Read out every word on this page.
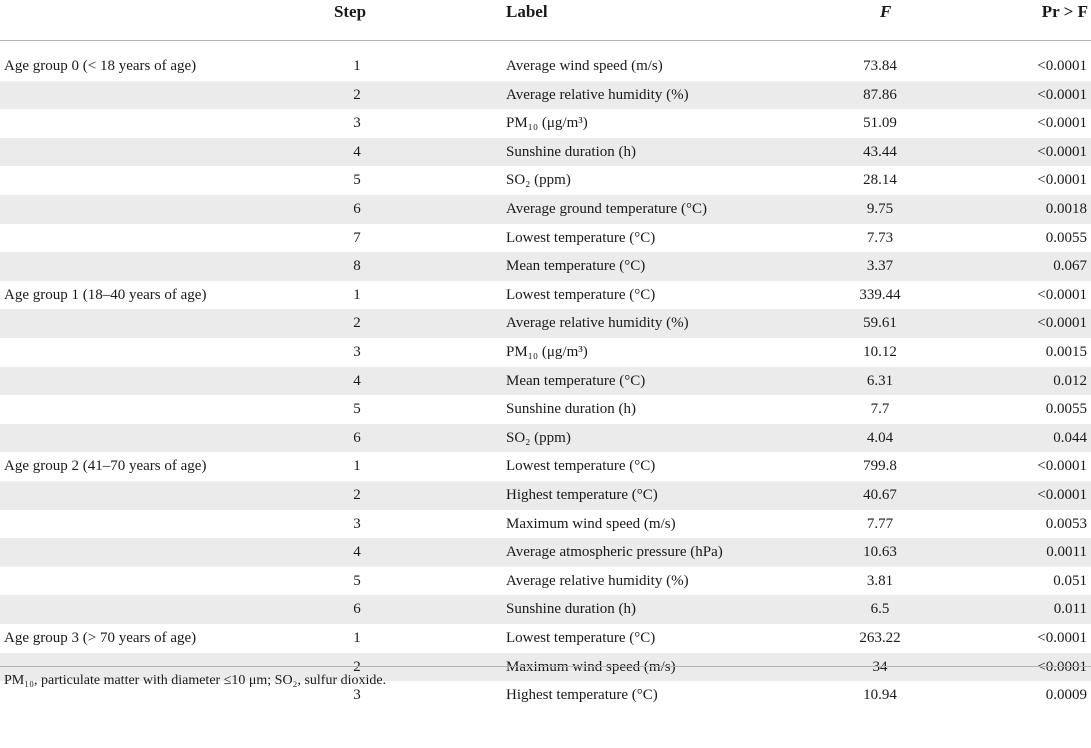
Step	Label	F	Pr > F
Age group 0 (< 18 years of age)	1	Average wind speed (m/s)	73.84	<0.0001
2	Average relative humidity (%)	87.86	<0.0001
3	PM₁₀ (μg/m³)	51.09	<0.0001
4	Sunshine duration (h)	43.44	<0.0001
5	SO₂ (ppm)	28.14	<0.0001
6	Average ground temperature (°C)	9.75	0.0018
7	Lowest temperature (°C)	7.73	0.0055
8	Mean temperature (°C)	3.37	0.067
Age group 1 (18–40 years of age)	1	Lowest temperature (°C)	339.44	<0.0001
2	Average relative humidity (%)	59.61	<0.0001
3	PM₁₀ (μg/m³)	10.12	0.0015
4	Mean temperature (°C)	6.31	0.012
5	Sunshine duration (h)	7.7	0.0055
6	SO₂ (ppm)	4.04	0.044
Age group 2 (41–70 years of age)	1	Lowest temperature (°C)	799.8	<0.0001
2	Highest temperature (°C)	40.67	<0.0001
3	Maximum wind speed (m/s)	7.77	0.0053
4	Average atmospheric pressure (hPa)	10.63	0.0011
5	Average relative humidity (%)	3.81	0.051
6	Sunshine duration (h)	6.5	0.011
Age group 3 (> 70 years of age)	1	Lowest temperature (°C)	263.22	<0.0001
2	Maximum wind speed (m/s)	34	<0.0001
3	Highest temperature (°C)	10.94	0.0009
PM₁₀, particulate matter with diameter ≤10 μm; SO₂, sulfur dioxide.
